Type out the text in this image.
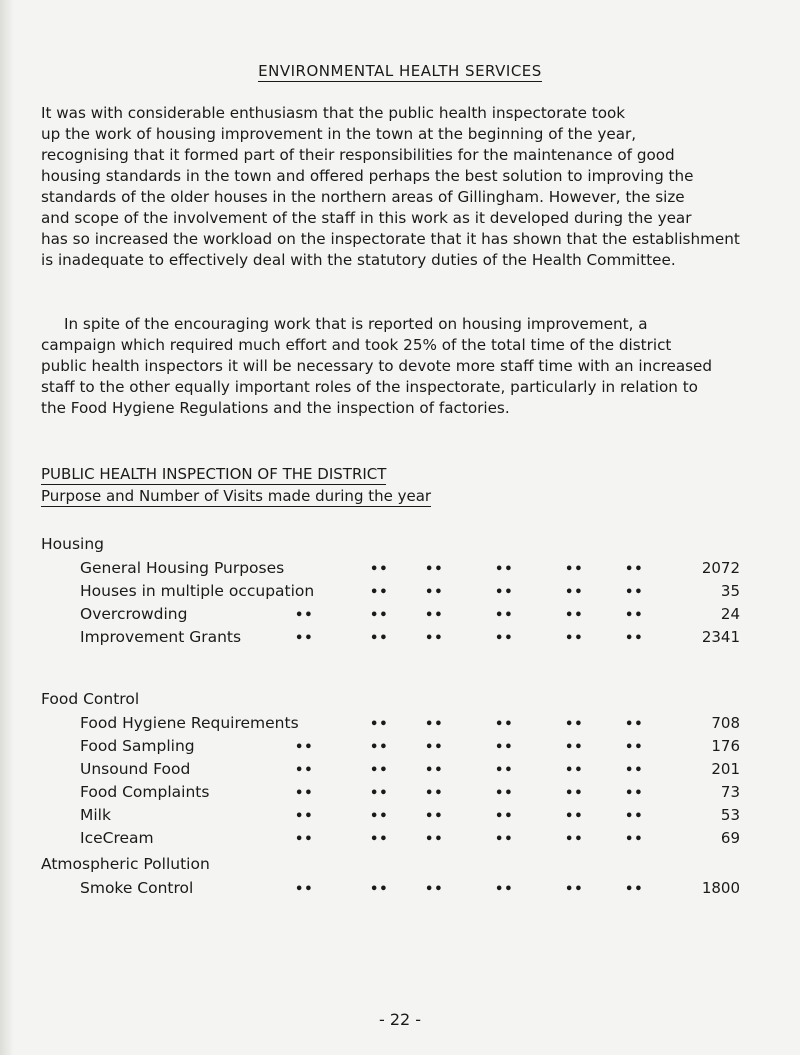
ENVIRONMENTAL HEALTH SERVICES

It was with considerable enthusiasm that the public health inspectorate took
up the work of housing improvement in the town at the beginning of the year,
recognising that it formed part of their responsibilities for the maintenance of good
housing standards in the town and offered perhaps the best solution to improving the
standards of the older houses in the northern areas of Gillingham. However, the size
and scope of the involvement of the staff in this work as it developed during the year
has so increased the workload on the inspectorate that it has shown that the establishment
is inadequate to effectively deal with the statutory duties of the Health Committee.

In spite of the encouraging work that is reported on housing improvement, a
campaign which required much effort and took 25% of the total time of the district
public health inspectors it will be necessary to devote more staff time with an increased
staff to the other equally important roles of the inspectorate, particularly in relation to
the Food Hygiene Regulations and the inspection of factories.

PUBLIC HEALTH INSPECTION OF THE DISTRICT
Purpose and Number of Visits made during the year
Housing
General Housing Purposes	••	••	••	••	••	2072
Houses in multiple occupation	••	••	••	••	••	35
Overcrowding	••	••	••	••	••	••	24
Improvement Grants	••	••	••	••	••	••	2341
Food Control
Food Hygiene Requirements	••	••	••	••	••	708
Food Sampling	••	••	••	••	••	••	176
Unsound Food	••	••	••	••	••	••	201
Food Complaints	••	••	••	••	••	••	73
Milk	••	••	••	••	••	••	53
IceCream	••	••	••	••	••	••	69
Atmospheric Pollution
Smoke Control	••	••	••	••	••	••	1800
- 22 -
